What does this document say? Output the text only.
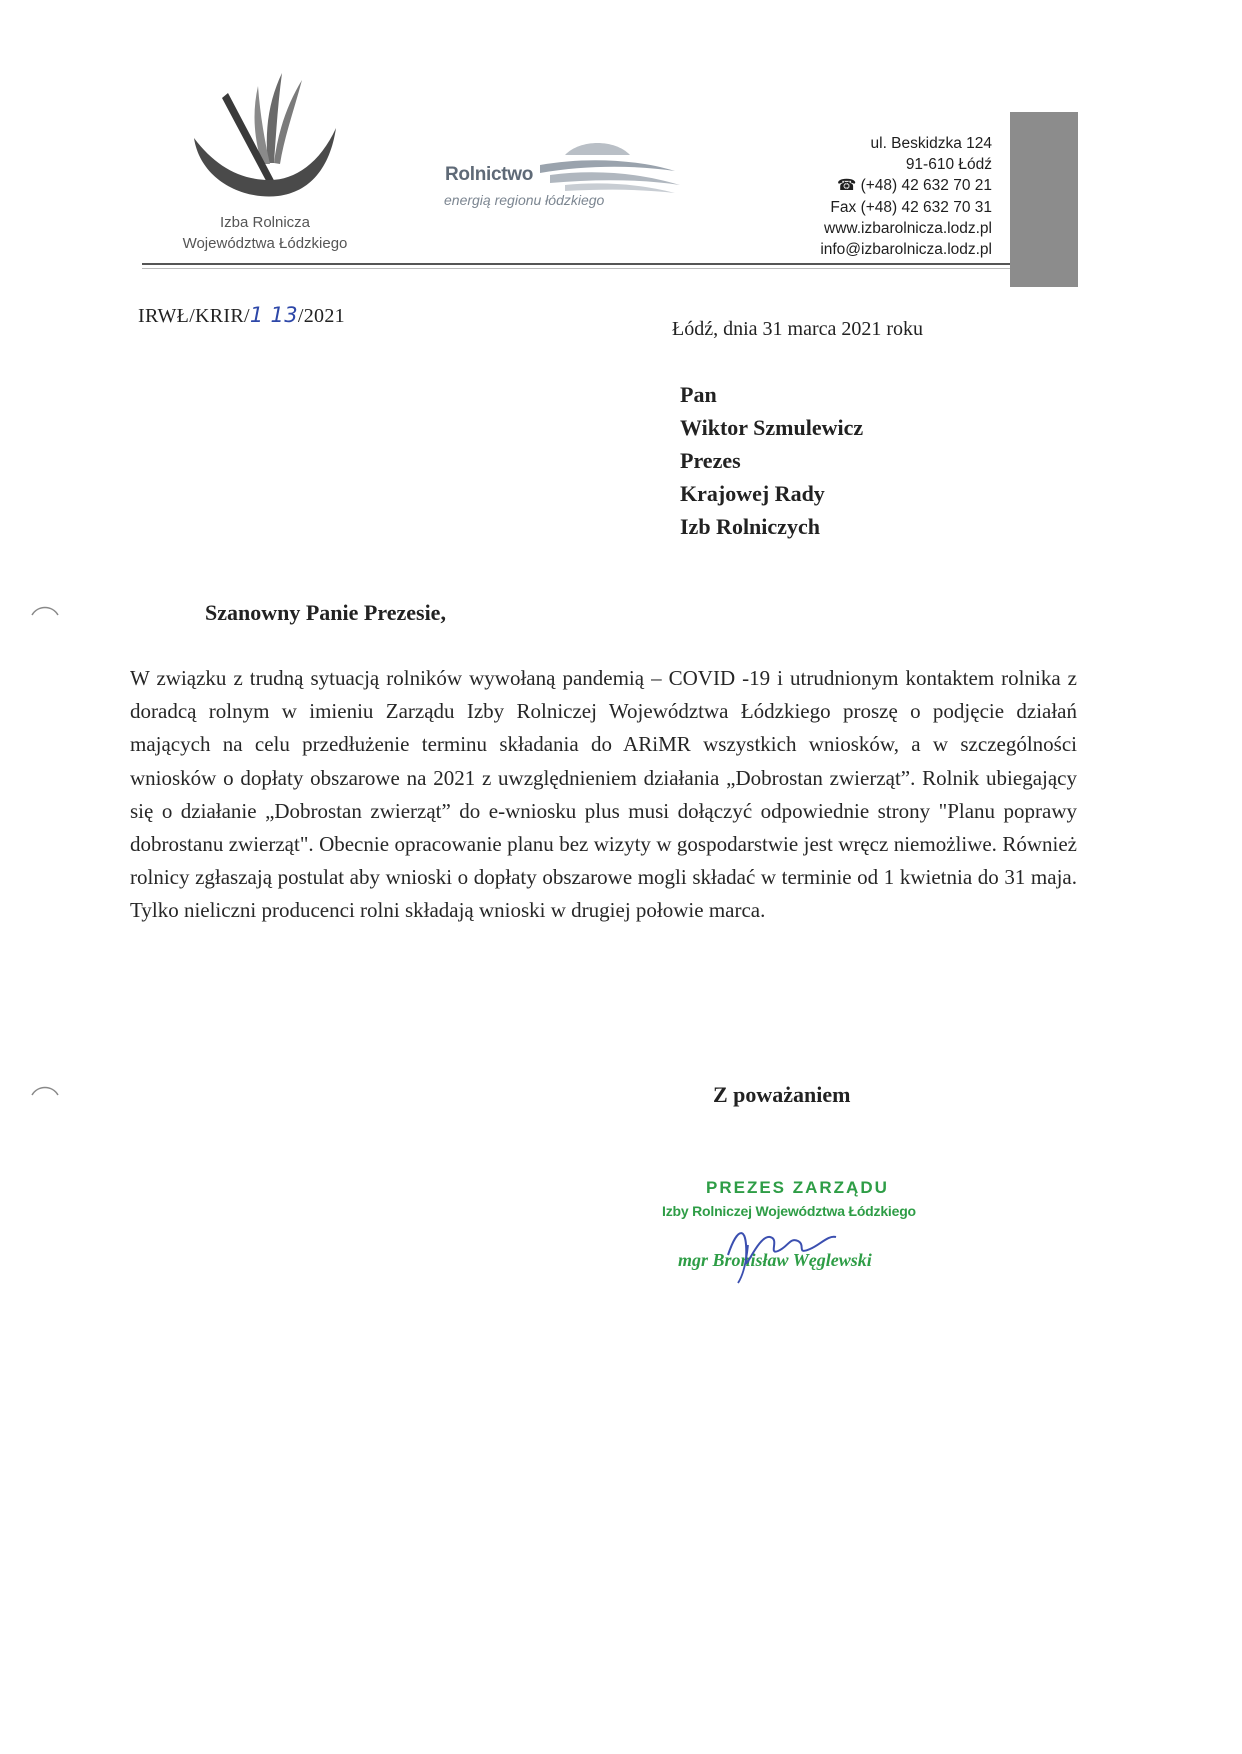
Izba Rolnicza
Województwa Łódzkiego
Rolnictwo
energią regionu łódzkiego
ul. Beskidzka 124
91-610 Łódź
☎ (+48) 42 632 70 21
Fax (+48) 42 632 70 31
www.izbarolnicza.lodz.pl
info@izbarolnicza.lodz.pl
IRWŁ/KRIR/1 13/2021
Łódź, dnia 31 marca 2021 roku
Pan
Wiktor Szmulewicz
Prezes
Krajowej Rady
Izb Rolniczych
Szanowny Panie Prezesie,
W związku z trudną sytuacją rolników wywołaną pandemią – COVID -19 i utrudnionym kontaktem rolnika z doradcą rolnym w imieniu Zarządu Izby Rolniczej Województwa Łódzkiego proszę o podjęcie działań mających na celu przedłużenie terminu składania do ARiMR wszystkich wniosków, a w szczególności wniosków o dopłaty obszarowe na 2021 z uwzględnieniem działania „Dobrostan zwierząt”. Rolnik ubiegający się o działanie „Dobrostan zwierząt” do e-wniosku plus musi dołączyć odpowiednie strony "Planu poprawy dobrostanu zwierząt". Obecnie opracowanie planu bez wizyty w gospodarstwie jest wręcz niemożliwe. Również rolnicy zgłaszają postulat aby wnioski o dopłaty obszarowe mogli składać w terminie od 1 kwietnia do 31 maja. Tylko nieliczni producenci rolni składają wnioski w drugiej połowie marca.
Z poważaniem
PREZES ZARZĄDU
Izby Rolniczej Województwa Łódzkiego
mgr Bronisław Węglewski
